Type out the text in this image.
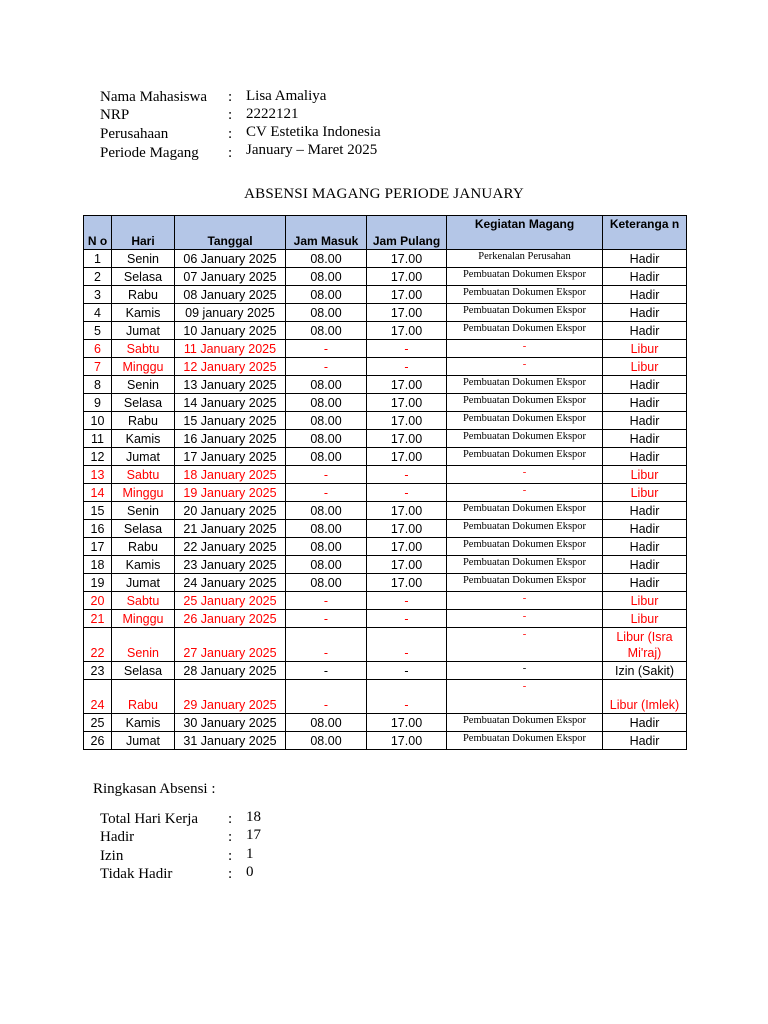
Nama Mahasiswa : Lisa Amaliya
NRP	: 2222121
Perusahaan	: CV Estetika Indonesia
Periode Magang : January – Maret 2025
ABSENSI MAGANG PERIODE JANUARY
N o	Hari	Tanggal	Jam Masuk	Jam Pulang	Kegiatan Magang	Keteranga n
1	Senin	06 January 2025	08.00	17.00	Perkenalan Perusahan	Hadir
2	Selasa	07 January 2025	08.00	17.00	Pembuatan Dokumen Ekspor	Hadir
3	Rabu	08 January 2025	08.00	17.00	Pembuatan Dokumen Ekspor	Hadir
4	Kamis	09 january 2025	08.00	17.00	Pembuatan Dokumen Ekspor	Hadir
5	Jumat	10 January 2025	08.00	17.00	Pembuatan Dokumen Ekspor	Hadir
6	Sabtu	11 January 2025	-	-	-	Libur
7	Minggu	12 January 2025	-	-	-	Libur
8	Senin	13 January 2025	08.00	17.00	Pembuatan Dokumen Ekspor	Hadir
9	Selasa	14 January 2025	08.00	17.00	Pembuatan Dokumen Ekspor	Hadir
10	Rabu	15 January 2025	08.00	17.00	Pembuatan Dokumen Ekspor	Hadir
11	Kamis	16 January 2025	08.00	17.00	Pembuatan Dokumen Ekspor	Hadir
12	Jumat	17 January 2025	08.00	17.00	Pembuatan Dokumen Ekspor	Hadir
13	Sabtu	18 January 2025	-	-	-	Libur
14	Minggu	19 January 2025	-	-	-	Libur
15	Senin	20 January 2025	08.00	17.00	Pembuatan Dokumen Ekspor	Hadir
16	Selasa	21 January 2025	08.00	17.00	Pembuatan Dokumen Ekspor	Hadir
17	Rabu	22 January 2025	08.00	17.00	Pembuatan Dokumen Ekspor	Hadir
18	Kamis	23 January 2025	08.00	17.00	Pembuatan Dokumen Ekspor	Hadir
19	Jumat	24 January 2025	08.00	17.00	Pembuatan Dokumen Ekspor	Hadir
20	Sabtu	25 January 2025	-	-	-	Libur
21	Minggu	26 January 2025	-	-	-	Libur
22	Senin	27 January 2025	-	-	-	Libur (Isra Mi'raj)
23	Selasa	28 January 2025	-	-	-	Izin (Sakit)
24	Rabu	29 January 2025	-	-	-	Libur (Imlek)
25	Kamis	30 January 2025	08.00	17.00	Pembuatan Dokumen Ekspor	Hadir
26	Jumat	31 January 2025	08.00	17.00	Pembuatan Dokumen Ekspor	Hadir
Ringkasan Absensi :
Total Hari Kerja : 18
Hadir	: 17
Izin	: 1
Tidak Hadir	: 0
